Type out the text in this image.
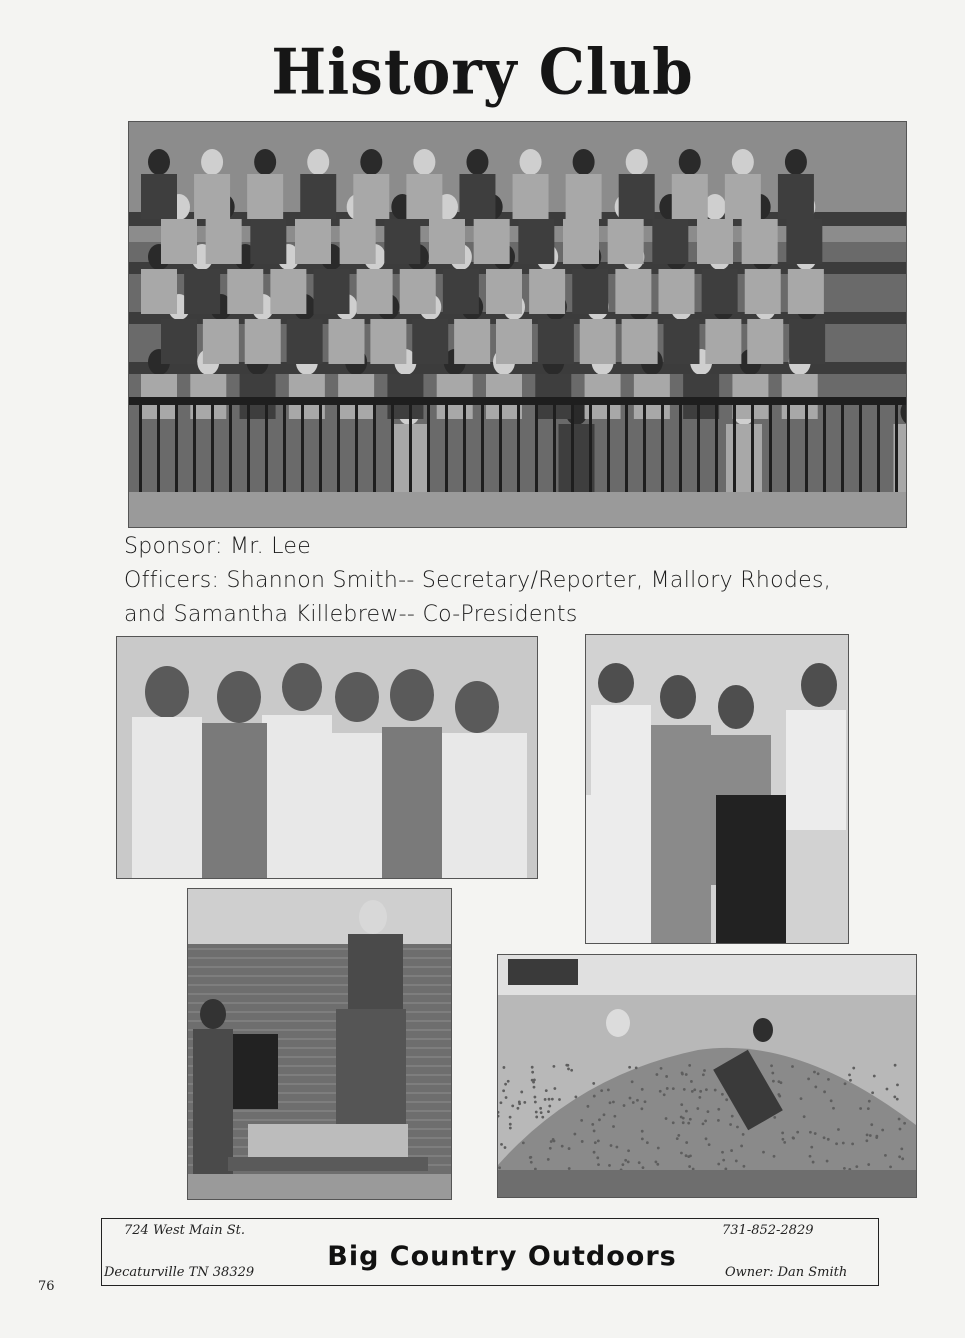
History Club
Sponsor: Mr. Lee
Officers: Shannon Smith-- Secretary/Reporter, Mallory Rhodes,
and Samantha Killebrew-- Co-Presidents
724 West Main St.
Decaturville TN 38329
Big Country Outdoors
731-852-2829
Owner: Dan Smith
76
